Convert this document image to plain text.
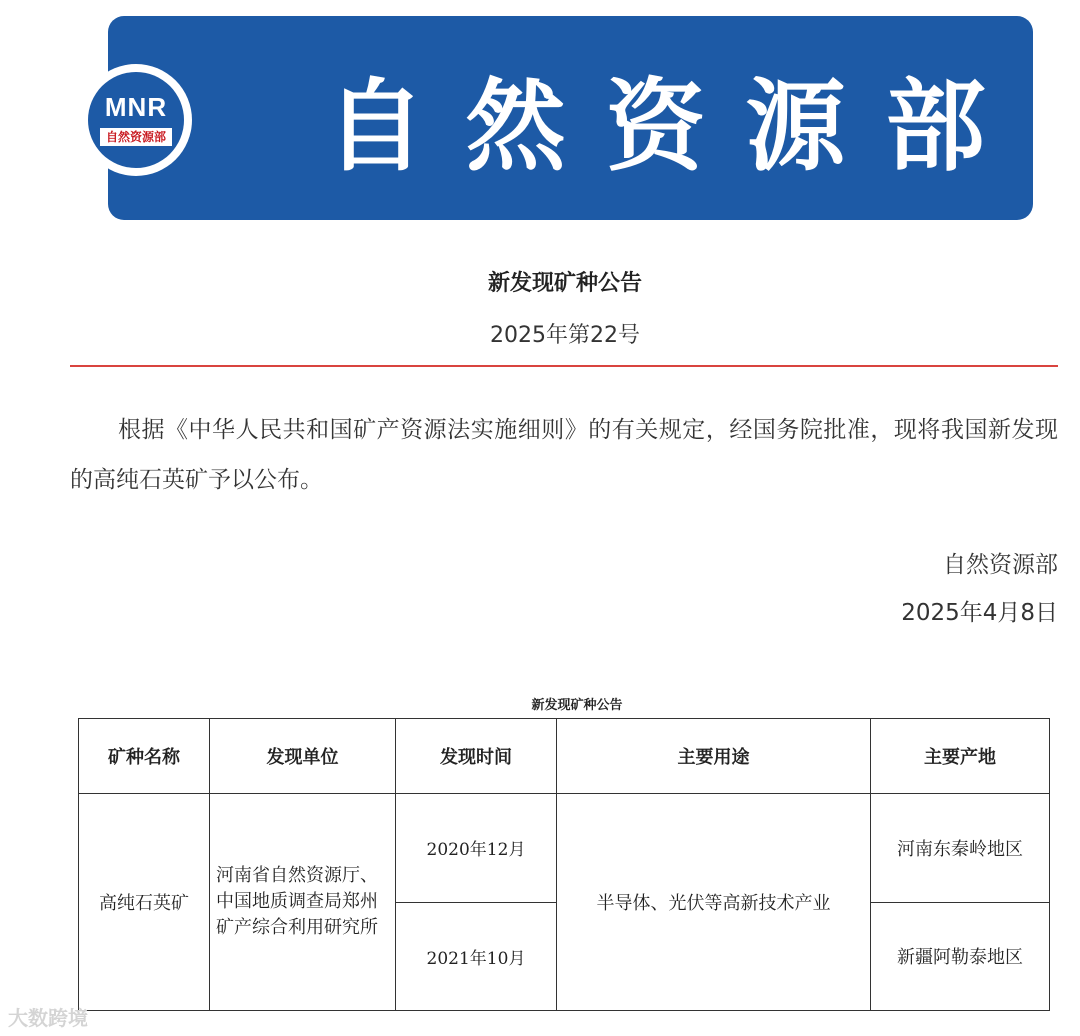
自然资源部
MNR
自然资源部
新发现矿种公告
2025年第22号
根据《中华人民共和国矿产资源法实施细则》的有关规定，经国务院批准，现将我国新发现的高纯石英矿予以公布。
自然资源部
2025年4月8日
新发现矿种公告
矿种名称	发现单位	发现时间	主要用途	主要产地
高纯石英矿	河南省自然资源厅、中国地质调查局郑州矿产综合利用研究所	2020年12月	半导体、光伏等高新技术产业	河南东秦岭地区
		2021年10月		新疆阿勒泰地区
大数跨境
